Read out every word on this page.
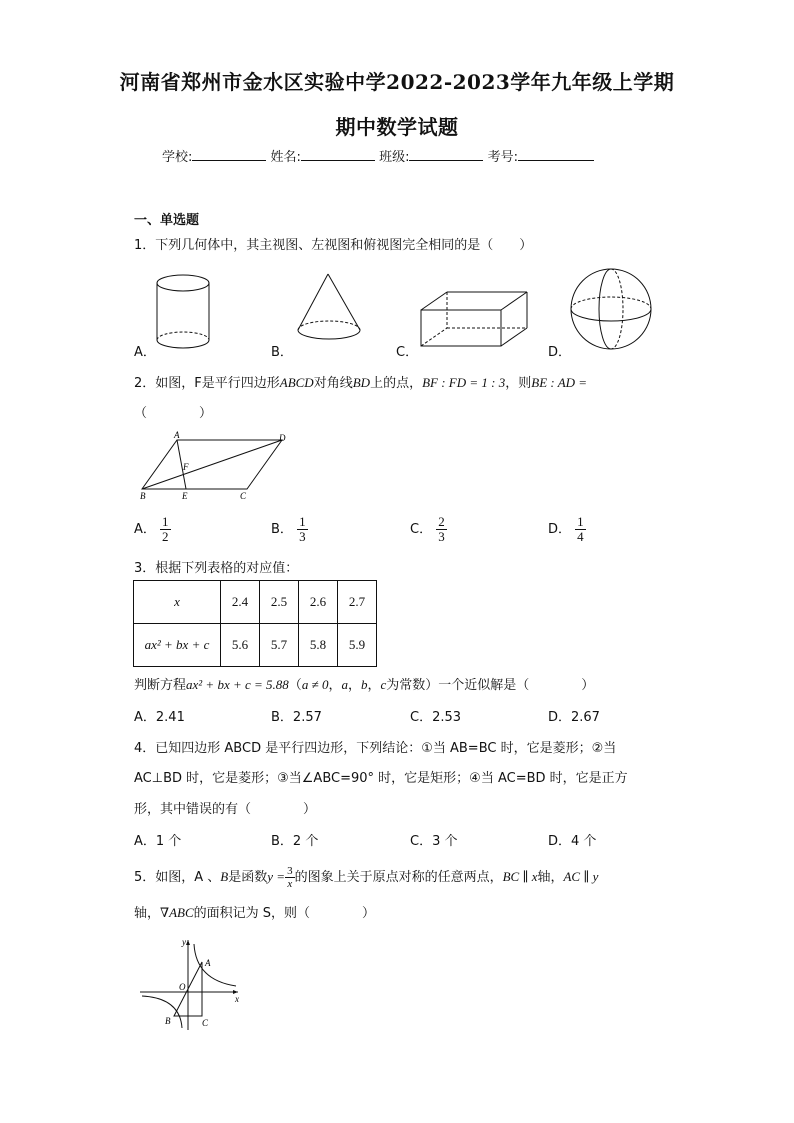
河南省郑州市金水区实验中学2022-2023学年九年级上学期
期中数学试题
学校:	姓名:	班级:	考号:
一、单选题
1．下列几何体中，其主视图、左视图和俯视图完全相同的是（　　）
A．	B．	C．	D．
2．如图，F是平行四边形ABCD对角线BD上的点，BF : FD = 1 : 3，则BE : AD =
（　　　　）
A	D
F
B	E	C
A． $\frac{1}{2}$	B． $\frac{1}{3}$	C． $\frac{2}{3}$	D． $\frac{1}{4}$
3．根据下列表格的对应值：
x	2.4	2.5	2.6	2.7
ax² + bx + c	5.6	5.7	5.8	5.9
判断方程ax² + bx + c = 5.88（a ≠ 0，a，b，c为常数）一个近似解是（　　　　）
A．2.41	B．2.57	C．2.53	D．2.67
4．已知四边形 ABCD 是平行四边形，下列结论：①当 AB=BC 时，它是菱形；②当
AC⊥BD 时，它是菱形；③当∠ABC=90° 时，它是矩形；④当 AC=BD 时，它是正方
形，其中错误的有（　　　　）
A．1 个	B．2 个	C．3 个	D．4 个
5．如图，A 、B是函数$y = \frac{3}{x}$ 的图象上关于原点对称的任意两点，BC ∥ x轴，AC ∥ y
轴，∇ABC的面积记为 S，则（　　　　）
y
A
O
x
B	C
